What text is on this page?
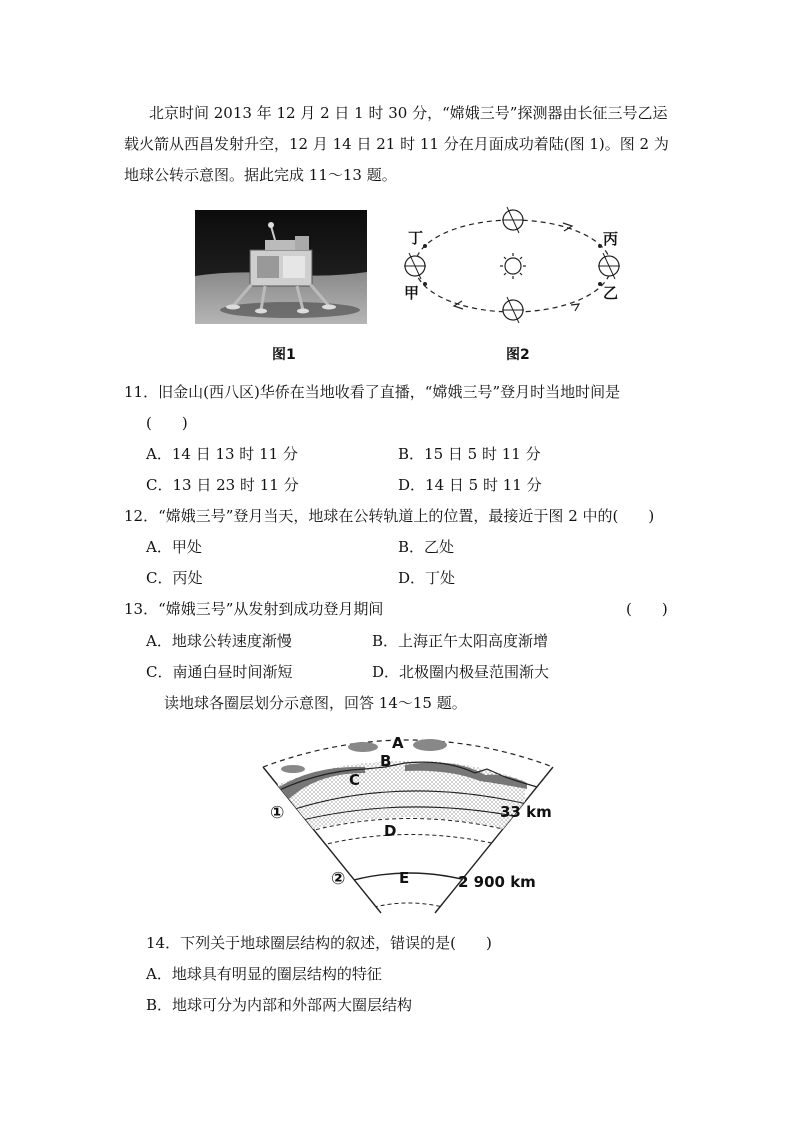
北京时间 2013 年 12 月 2 日 1 时 30 分，“嫦娥三号”探测器由长征三号乙运
载火箭从西昌发射升空，12 月 14 日 21 时 11 分在月面成功着陆(图 1)。图 2 为
地球公转示意图。据此完成 11～13 题。
丁
甲
丙
乙
图1	图2
11．旧金山(西八区)华侨在当地收看了直播，“嫦娥三号”登月时当地时间是
(　　)
A．14 日 13 时 11 分	B．15 日 5 时 11 分
C．13 日 23 时 11 分	D．14 日 5 时 11 分
12．“嫦娥三号”登月当天，地球在公转轨道上的位置，最接近于图 2 中的(　　)
A．甲处	B．乙处
C．丙处	D．丁处
13．“嫦娥三号”从发射到成功登月期间	(　　)
A．地球公转速度渐慢	B．上海正午太阳高度渐增
C．南通白昼时间渐短	D．北极圈内极昼范围渐大
读地球各圈层划分示意图，回答 14～15 题。
A
B
C
D
E
①
②
33 km
2 900 km
14．下列关于地球圈层结构的叙述，错误的是(　　)
A．地球具有明显的圈层结构的特征
B．地球可分为内部和外部两大圈层结构
